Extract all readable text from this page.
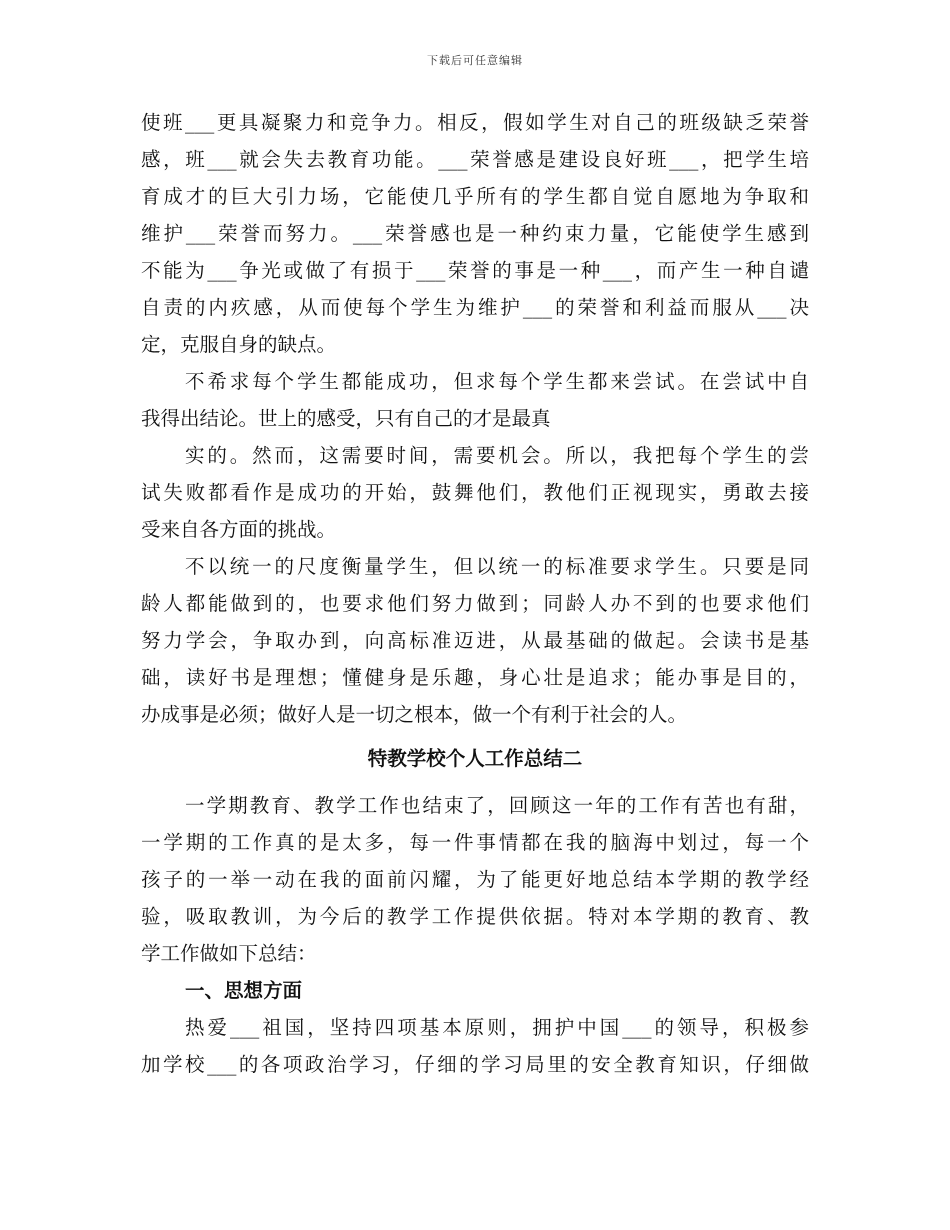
下载后可任意编辑
使班___更具凝聚力和竞争力。相反，假如学生对自己的班级缺乏荣誉
感，班___就会失去教育功能。___荣誉感是建设良好班___，把学生培
育成才的巨大引力场，它能使几乎所有的学生都自觉自愿地为争取和
维护___荣誉而努力。___荣誉感也是一种约束力量，它能使学生感到
不能为___争光或做了有损于___荣誉的事是一种___，而产生一种自谴
自责的内疚感，从而使每个学生为维护___的荣誉和利益而服从___决
定，克服自身的缺点。
不希求每个学生都能成功，但求每个学生都来尝试。在尝试中自
我得出结论。世上的感受，只有自己的才是最真
实的。然而，这需要时间，需要机会。所以，我把每个学生的尝
试失败都看作是成功的开始，鼓舞他们，教他们正视现实，勇敢去接
受来自各方面的挑战。
不以统一的尺度衡量学生，但以统一的标准要求学生。只要是同
龄人都能做到的，也要求他们努力做到；同龄人办不到的也要求他们
努力学会，争取办到，向高标准迈进，从最基础的做起。会读书是基
础，读好书是理想；懂健身是乐趣，身心壮是追求；能办事是目的，
办成事是必须；做好人是一切之根本，做一个有利于社会的人。
特教学校个人工作总结二
一学期教育、教学工作也结束了，回顾这一年的工作有苦也有甜，
一学期的工作真的是太多，每一件事情都在我的脑海中划过，每一个
孩子的一举一动在我的面前闪耀，为了能更好地总结本学期的教学经
验，吸取教训，为今后的教学工作提供依据。特对本学期的教育、教
学工作做如下总结：
一、思想方面
热爱___祖国，坚持四项基本原则，拥护中国___的领导，积极参
加学校___的各项政治学习，仔细的学习局里的安全教育知识，仔细做
